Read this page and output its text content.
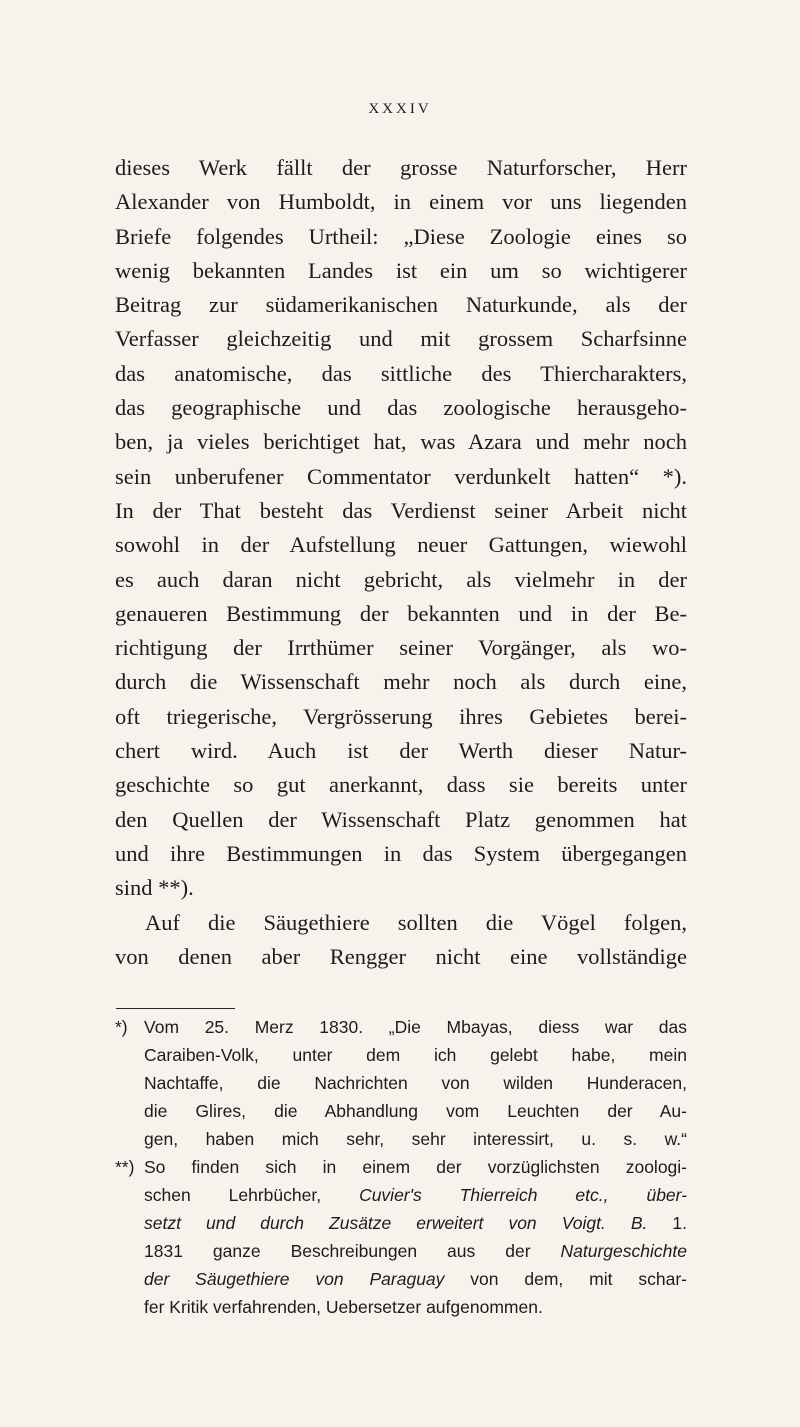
XXXIV
dieses Werk fällt der grosse Naturforscher, Herr
Alexander von Humboldt, in einem vor uns liegenden
Briefe folgendes Urtheil: „Diese Zoologie eines so
wenig bekannten Landes ist ein um so wichtigerer
Beitrag zur südamerikanischen Naturkunde, als der
Verfasser gleichzeitig und mit grossem Scharfsinne
das anatomische, das sittliche des Thiercharakters,
das geographische und das zoologische herausgeho-
ben, ja vieles berichtiget hat, was Azara und mehr noch
sein unberufener Commentator verdunkelt hatten“ *).
In der That besteht das Verdienst seiner Arbeit nicht
sowohl in der Aufstellung neuer Gattungen, wiewohl
es auch daran nicht gebricht, als vielmehr in der
genaueren Bestimmung der bekannten und in der Be-
richtigung der Irrthümer seiner Vorgänger, als wo-
durch die Wissenschaft mehr noch als durch eine,
oft triegerische, Vergrösserung ihres Gebietes berei-
chert wird. Auch ist der Werth dieser Natur-
geschichte so gut anerkannt, dass sie bereits unter
den Quellen der Wissenschaft Platz genommen hat
und ihre Bestimmungen in das System übergegangen
sind **).
Auf die Säugethiere sollten die Vögel folgen,
von denen aber Rengger nicht eine vollständige
*) Vom 25. Merz 1830. „Die Mbayas, diess war das
Caraiben-Volk, unter dem ich gelebt habe, mein
Nachtaffe, die Nachrichten von wilden Hunderacen,
die Glires, die Abhandlung vom Leuchten der Au-
gen, haben mich sehr, sehr interessirt, u. s. w.“
**) So finden sich in einem der vorzüglichsten zoologi-
schen Lehrbücher, Cuvier's Thierreich etc., über-
setzt und durch Zusätze erweitert von Voigt. B. 1.
1831 ganze Beschreibungen aus der Naturgeschichte
der Säugethiere von Paraguay von dem, mit schar-
fer Kritik verfahrenden, Uebersetzer aufgenommen.
